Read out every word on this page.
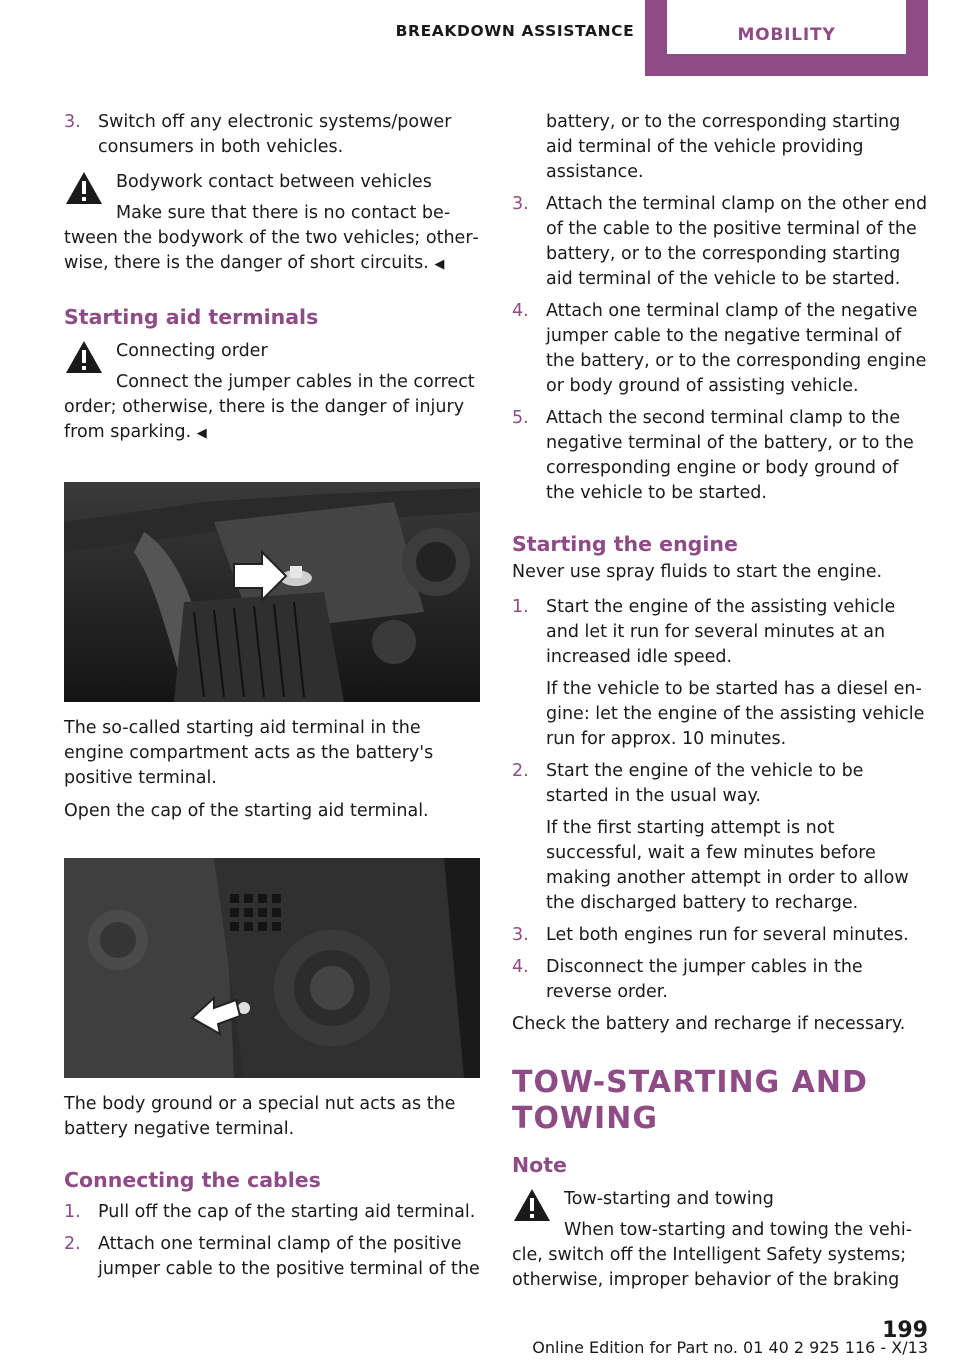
BREAKDOWN ASSISTANCE	MOBILITY
3. Switch off any electronic systems/power consumers in both vehicles.

Bodywork contact between vehicles

Make sure that there is no contact between the bodywork of the two vehicles; otherwise, there is the danger of short circuits. ◀

Starting aid terminals
Connecting order

Connect the jumper cables in the correct order; otherwise, there is the danger of injury from sparking. ◀

The so-called starting aid terminal in the engine compartment acts as the battery's positive terminal.

Open the cap of the starting aid terminal.

The body ground or a special nut acts as the battery negative terminal.

Connecting the cables
1. Pull off the cap of the starting aid terminal.

2. Attach one terminal clamp of the positive jumper cable to the positive terminal of the

battery, or to the corresponding starting aid terminal of the vehicle providing assistance.

3. Attach the terminal clamp on the other end of the cable to the positive terminal of the battery, or to the corresponding starting aid terminal of the vehicle to be started.

4. Attach one terminal clamp of the negative jumper cable to the negative terminal of the battery, or to the corresponding engine or body ground of assisting vehicle.

5. Attach the second terminal clamp to the negative terminal of the battery, or to the corresponding engine or body ground of the vehicle to be started.

Starting the engine

Never use spray fluids to start the engine.

1. Start the engine of the assisting vehicle and let it run for several minutes at an increased idle speed.

If the vehicle to be started has a diesel engine: let the engine of the assisting vehicle run for approx. 10 minutes.

2. Start the engine of the vehicle to be started in the usual way.

If the first starting attempt is not successful, wait a few minutes before making another attempt in order to allow the discharged battery to recharge.

3. Let both engines run for several minutes.

4. Disconnect the jumper cables in the reverse order.

Check the battery and recharge if necessary.

TOW-STARTING AND TOWING
Note
Tow-starting and towing

When tow-starting and towing the vehicle, switch off the Intelligent Safety systems; otherwise, improper behavior of the braking

199
Online Edition for Part no. 01 40 2 925 116 - X/13
